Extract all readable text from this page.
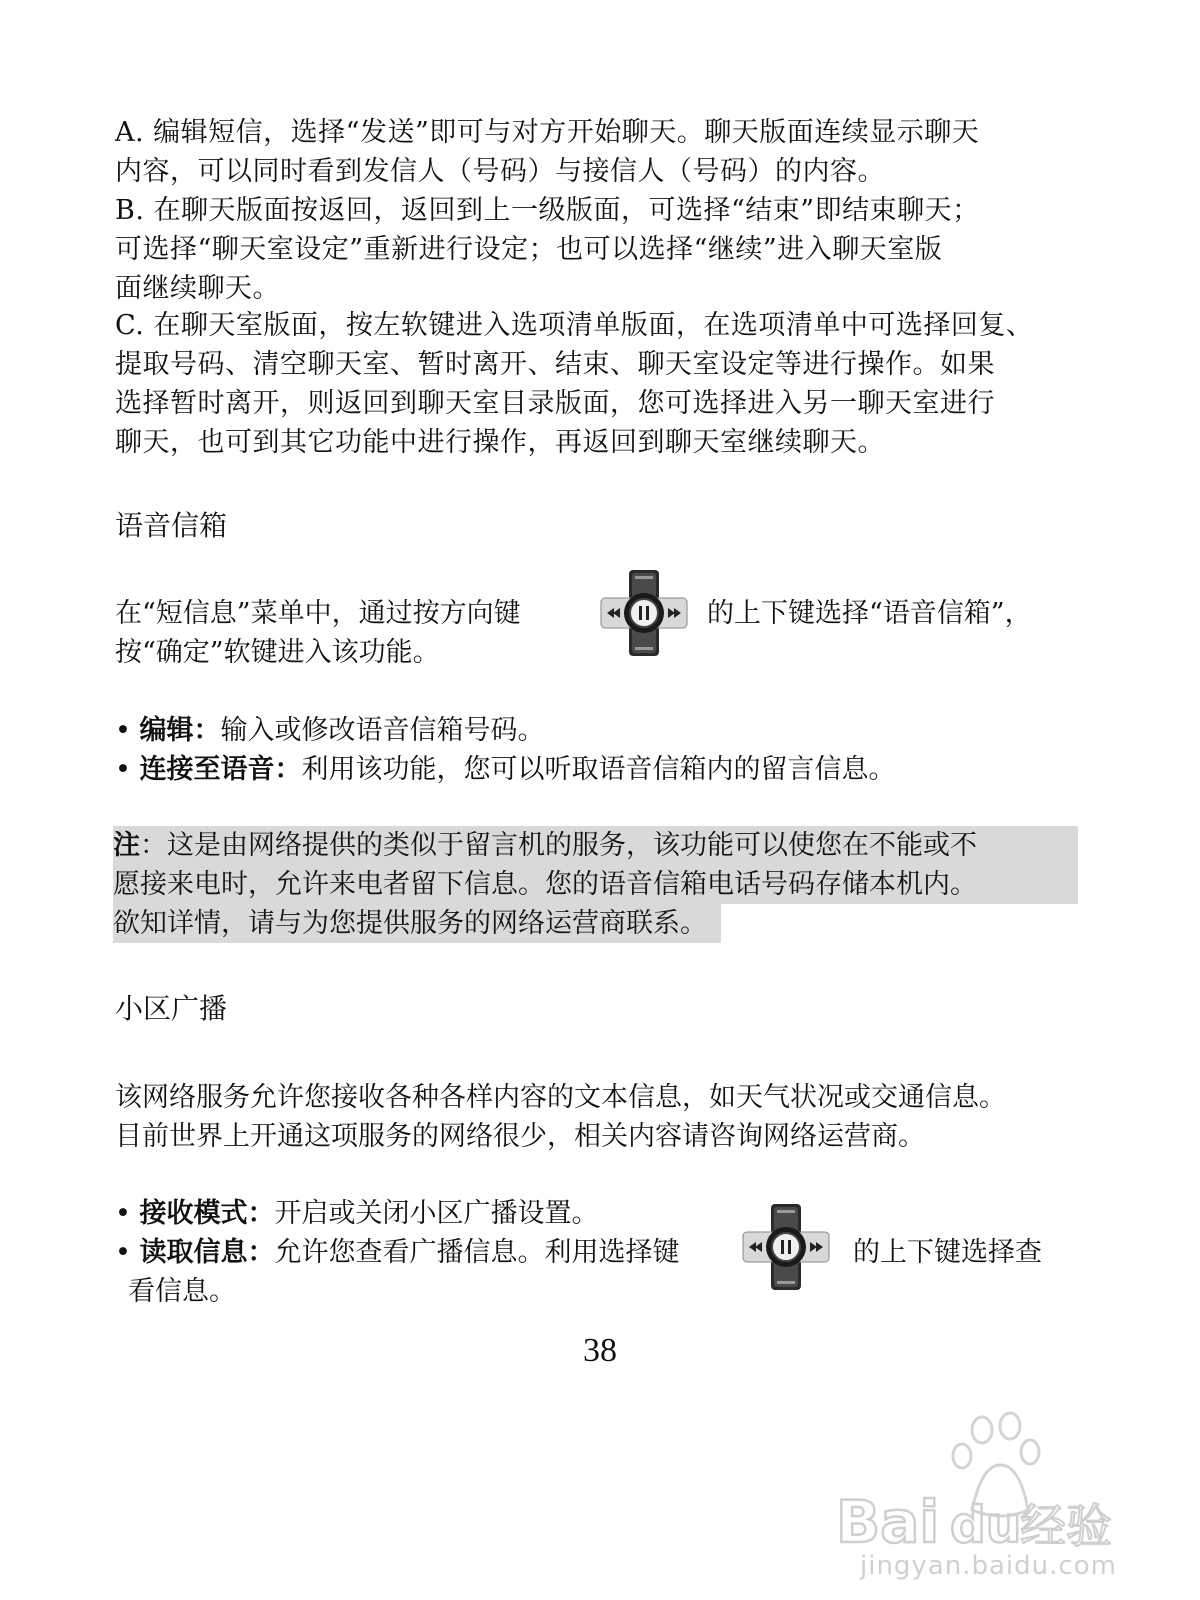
A. 编辑短信，选择“发送”即可与对方开始聊天。聊天版面连续显示聊天

内容，可以同时看到发信人（号码）与接信人（号码）的内容。

B. 在聊天版面按返回，返回到上一级版面，可选择“结束”即结束聊天；

可选择“聊天室设定”重新进行设定；也可以选择“继续”进入聊天室版

面继续聊天。

C. 在聊天室版面，按左软键进入选项清单版面，在选项清单中可选择回复、

提取号码、清空聊天室、暂时离开、结束、聊天室设定等进行操作。如果

选择暂时离开，则返回到聊天室目录版面，您可选择进入另一聊天室进行

聊天，也可到其它功能中进行操作，再返回到聊天室继续聊天。

语音信箱

在“短信息”菜单中，通过按方向键	的上下键选择“语音信箱”，

按“确定”软键进入该功能。

• 编辑：输入或修改语音信箱号码。

• 连接至语音：利用该功能，您可以听取语音信箱内的留言信息。

注：这是由网络提供的类似于留言机的服务，该功能可以使您在不能或不
愿接来电时，允许来电者留下信息。您的语音信箱电话号码存储本机内。
欲知详情，请与为您提供服务的网络运营商联系。
小区广播

该网络服务允许您接收各种各样内容的文本信息，如天气状况或交通信息。

目前世界上开通这项服务的网络很少，相关内容请咨询网络运营商。

• 接收模式：开启或关闭小区广播设置。

• 读取信息：允许您查看广播信息。利用选择键	的上下键选择查

看信息。

38
Bai du
经验
jingyan.baidu.com
